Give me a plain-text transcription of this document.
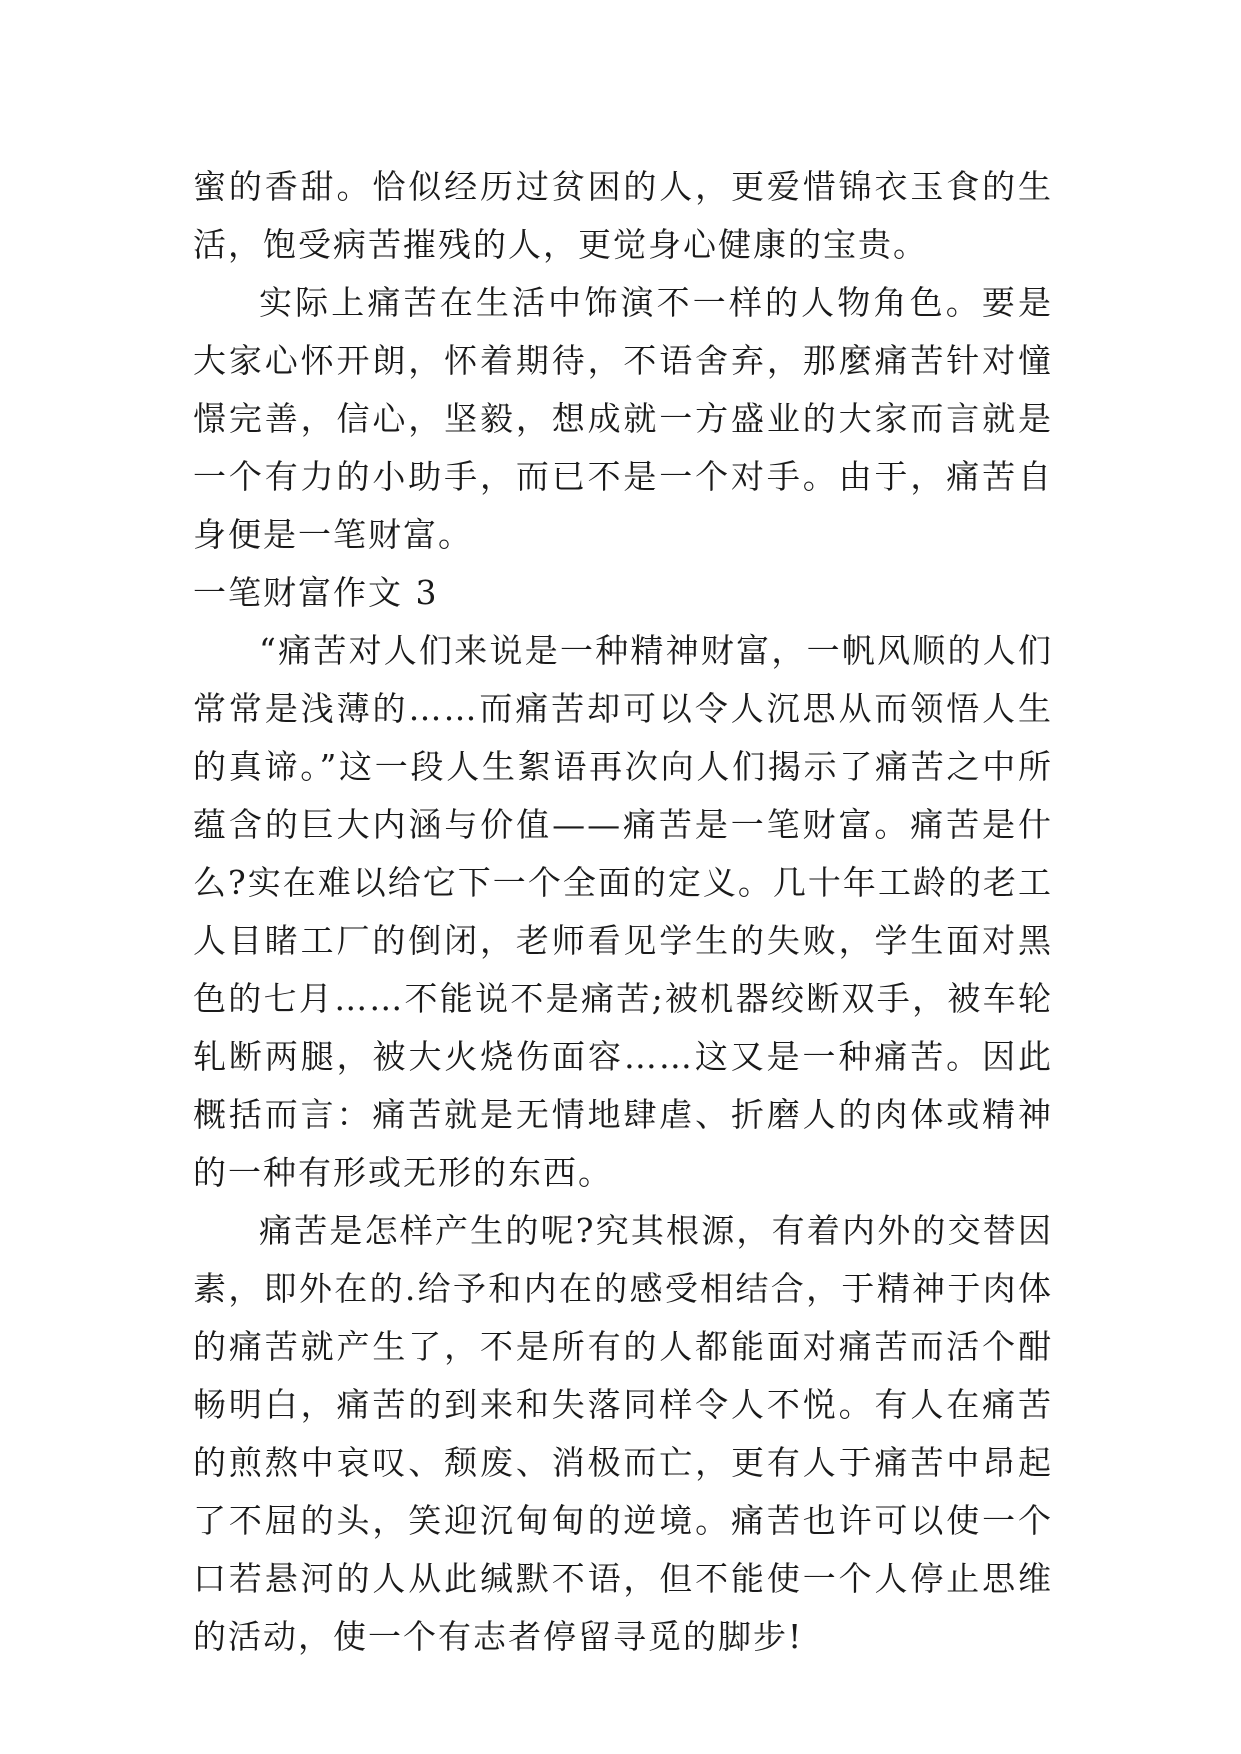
蜜的香甜。恰似经历过贫困的人，更爱惜锦衣玉食的生活，饱受病苦摧残的人，更觉身心健康的宝贵。

实际上痛苦在生活中饰演不一样的人物角色。要是大家心怀开朗，怀着期待，不语舍弃，那麼痛苦针对憧憬完善，信心，坚毅，想成就一方盛业的大家而言就是一个有力的小助手，而已不是一个对手。由于，痛苦自身便是一笔财富。

一笔财富作文 3

“痛苦对人们来说是一种精神财富，一帆风顺的人们常常是浅薄的……而痛苦却可以令人沉思从而领悟人生的真谛。”这一段人生絮语再次向人们揭示了痛苦之中所蕴含的巨大内涵与价值——痛苦是一笔财富。痛苦是什么?实在难以给它下一个全面的定义。几十年工龄的老工人目睹工厂的倒闭，老师看见学生的失败，学生面对黑色的七月……不能说不是痛苦;被机器绞断双手，被车轮轧断两腿，被大火烧伤面容……这又是一种痛苦。因此概括而言：痛苦就是无情地肆虐、折磨人的肉体或精神的一种有形或无形的东西。

痛苦是怎样产生的呢?究其根源，有着内外的交替因素，即外在的.给予和内在的感受相结合，于精神于肉体的痛苦就产生了，不是所有的人都能面对痛苦而活个酣畅明白，痛苦的到来和失落同样令人不悦。有人在痛苦的煎熬中哀叹、颓废、消极而亡，更有人于痛苦中昂起了不屈的头，笑迎沉甸甸的逆境。痛苦也许可以使一个口若悬河的人从此缄默不语，但不能使一个人停止思维的活动，使一个有志者停留寻觅的脚步!
